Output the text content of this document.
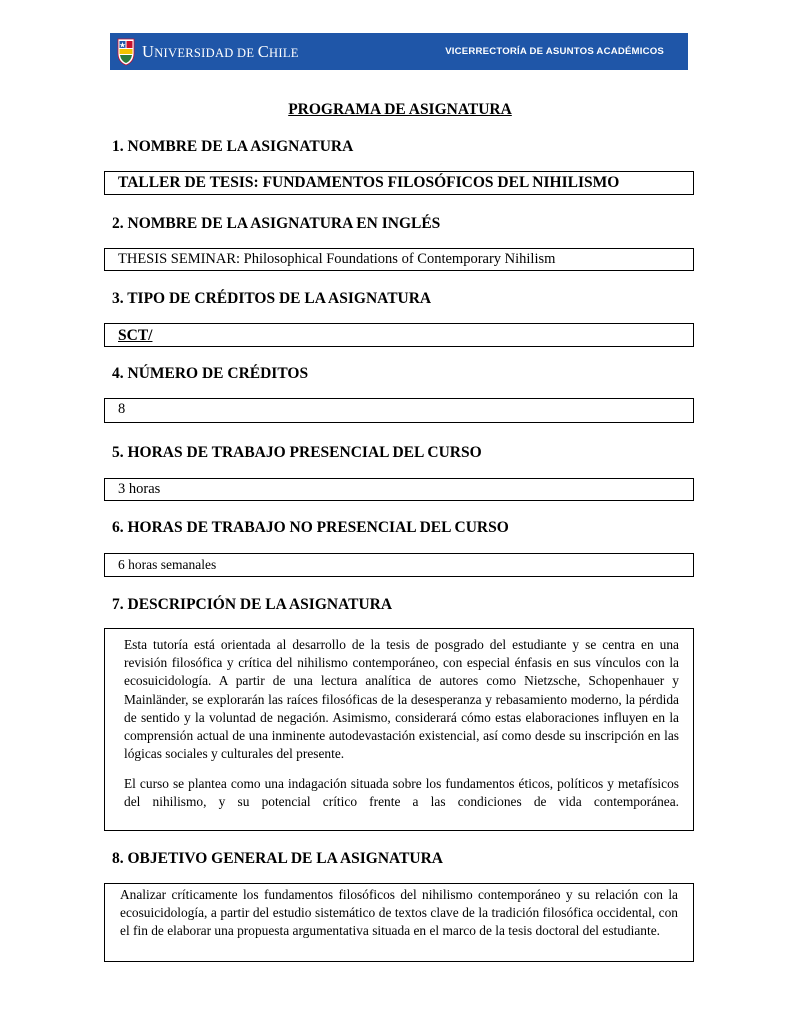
UNIVERSIDAD DE CHILE	VICERRECTORÍA DE ASUNTOS ACADÉMICOS
PROGRAMA DE ASIGNATURA
1. NOMBRE DE LA ASIGNATURA
TALLER DE TESIS: FUNDAMENTOS FILOSÓFICOS DEL NIHILISMO
2. NOMBRE DE LA ASIGNATURA EN INGLÉS
THESIS SEMINAR: Philosophical Foundations of Contemporary Nihilism
3. TIPO DE CRÉDITOS DE LA ASIGNATURA
SCT/
4. NÚMERO DE CRÉDITOS
8
5. HORAS DE TRABAJO PRESENCIAL DEL CURSO
3 horas
6. HORAS DE TRABAJO NO PRESENCIAL DEL CURSO
6 horas semanales
7. DESCRIPCIÓN DE LA ASIGNATURA
Esta tutoría está orientada al desarrollo de la tesis de posgrado del estudiante y se centra en una revisión filosófica y crítica del nihilismo contemporáneo, con especial énfasis en sus vínculos con la ecosuicidología. A partir de una lectura analítica de autores como Nietzsche, Schopenhauer y Mainländer, se explorarán las raíces filosóficas de la desesperanza y rebasamiento moderno, la pérdida de sentido y la voluntad de negación. Asimismo, considerará cómo estas elaboraciones influyen en la comprensión actual de una inminente autodevastación existencial, así como desde su inscripción en las lógicas sociales y culturales del presente.
El curso se plantea como una indagación situada sobre los fundamentos éticos, políticos y metafísicos del nihilismo, y su potencial crítico frente a las condiciones de vida contemporánea.
8. OBJETIVO GENERAL DE LA ASIGNATURA
Analizar críticamente los fundamentos filosóficos del nihilismo contemporáneo y su relación con la ecosuicidología, a partir del estudio sistemático de textos clave de la tradición filosófica occidental, con el fin de elaborar una propuesta argumentativa situada en el marco de la tesis doctoral del estudiante.
